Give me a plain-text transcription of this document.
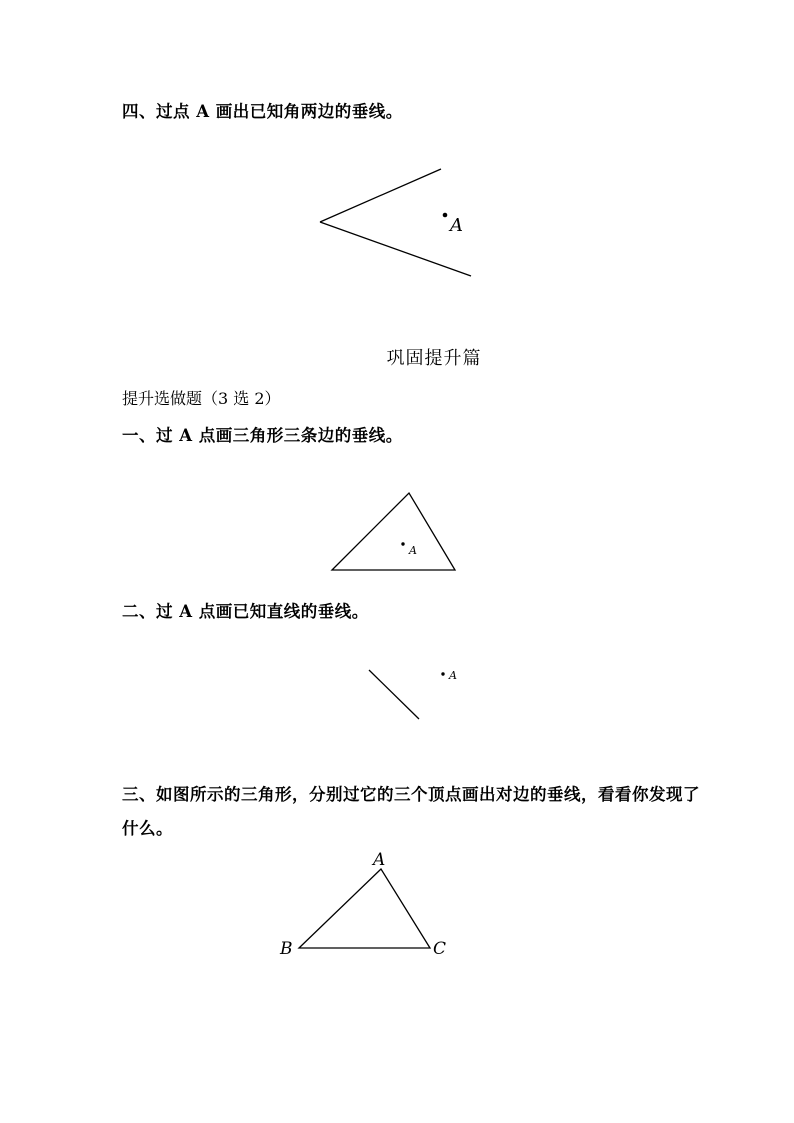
四、过点 A 画出已知角两边的垂线。

A
巩固提升篇

提升选做题（3 选 2）

一、过 A 点画三角形三条边的垂线。

A

二、过 A 点画已知直线的垂线。

A

三、如图所示的三角形，分别过它的三个顶点画出对边的垂线，看看你发现了什么。

A
B	C
